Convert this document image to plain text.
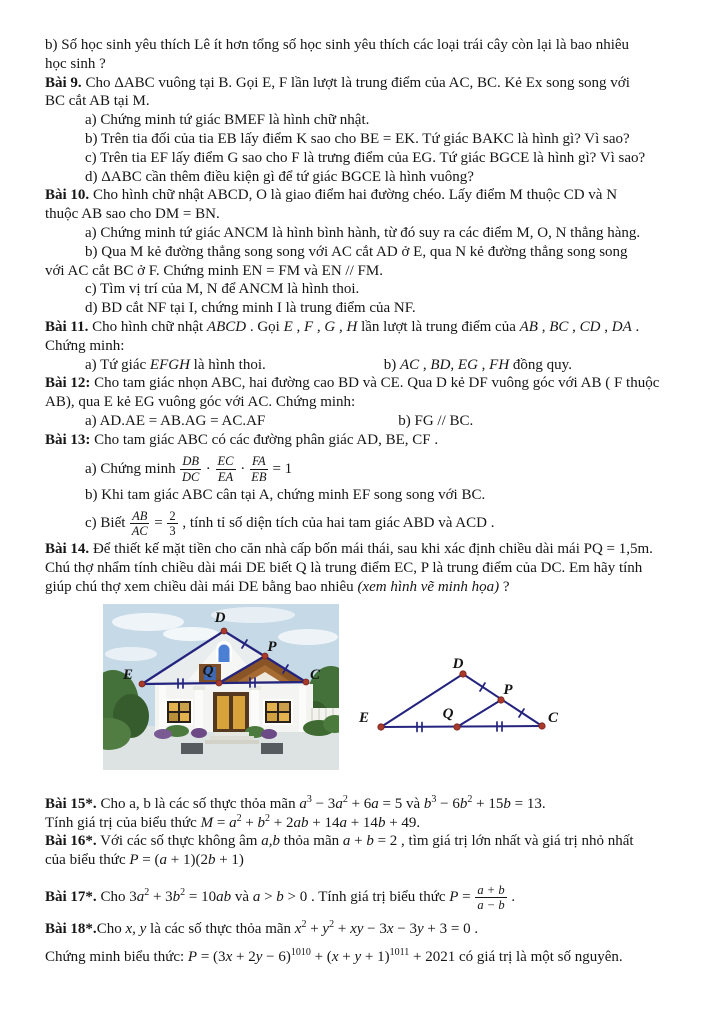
b) Số học sinh yêu thích Lê ít hơn tổng số học sinh yêu thích các loại trái cây còn lại là bao nhiêu
học sinh ?
Bài 9. Cho ΔABC vuông tại B. Gọi E, F lần lượt là trung điểm của AC, BC. Kẻ Ex song song với
BC cắt AB tại M.
a) Chứng minh tứ giác BMEF là hình chữ nhật.
b) Trên tia đối của tia EB lấy điểm K sao cho BE = EK. Tứ giác BAKC là hình gì? Vì sao?
c) Trên tia EF lấy điểm G sao cho F là trưng điểm của EG. Tứ giác BGCE là hình gì? Vì sao?
d) ΔABC cần thêm điều kiện gì để tứ giác BGCE là hình vuông?
Bài 10. Cho hình chữ nhật ABCD, O là giao điểm hai đường chéo. Lấy điểm M thuộc CD và N
thuộc AB sao cho DM = BN.
a) Chứng minh tứ giác ANCM là hình bình hành, từ đó suy ra các điểm M, O, N thẳng hàng.
b) Qua M kẻ đường thẳng song song với AC cắt AD ở E, qua N kẻ đường thẳng song song
với AC cắt BC ở F. Chứng minh EN = FM và EN // FM.
c) Tìm vị trí của M, N để ANCM là hình thoi.
d) BD cắt NF tại I, chứng minh I là trung điểm của NF.
Bài 11. Cho hình chữ nhật ABCD . Gọi E , F , G , H lần lượt là trung điểm của AB , BC , CD , DA .
Chứng minh:
a) Tứ giác EFGH là hình thoi.	b) AC , BD, EG , FH đồng quy.
Bài 12: Cho tam giác nhọn ABC, hai đường cao BD và CE. Qua D kẻ DF vuông góc với AB ( F thuộc
AB), qua E kẻ EG vuông góc với AC. Chứng minh:
a) AD.AE = AB.AG = AC.AF	b) FG // BC.
Bài 13: Cho tam giác ABC có các đường phân giác AD, BE, CF .
a) Chứng minh $\frac{DB}{DC} \cdot \frac{EC}{EA} \cdot \frac{FA}{EB} = 1$
b) Khi tam giác ABC cân tại A, chứng minh EF song song với BC.
c) Biết $\frac{AB}{AC} = \frac{2}{3}$ , tính tỉ số diện tích của hai tam giác ABD và ACD .
Bài 14. Để thiết kế mặt tiền cho căn nhà cấp bốn mái thái, sau khi xác định chiều dài mái PQ = 1,5m.
Chú thợ nhẩm tính chiều dài mái DE biết Q là trung điểm EC, P là trung điểm của DC. Em hãy tính
giúp chú thợ xem chiều dài mái DE bằng bao nhiêu (xem hình vẽ minh họa) ?
D
P
Q
E	C
D
P
Q
E	C
Bài 15*. Cho a, b là các số thực thỏa mãn $a^3 - 3a^2 + 6a = 5$ và $b^3 - 6b^2 + 15b = 13$.
Tính giá trị của biểu thức $M = a^2 + b^2 + 2ab + 14a + 14b + 49$.
Bài 16*. Với các số thực không âm a,b thỏa mãn a + b = 2 , tìm giá trị lớn nhất và giá trị nhỏ nhất
của biểu thức P = (a + 1)(2b + 1)
Bài 17*. Cho $3a^2 + 3b^2 = 10ab$ và a > b > 0 . Tính giá trị biểu thức $P = \frac{a + b}{a - b}$ .
Bài 18*.Cho x, y là các số thực thỏa mãn $x^2 + y^2$ + xy − 3x − 3y + 3 = 0 .
Chứng minh biểu thức: $P = (3x + 2y - 6)^{1010} + (x + y + 1)^{1011} + 2021$ có giá trị là một số nguyên.
